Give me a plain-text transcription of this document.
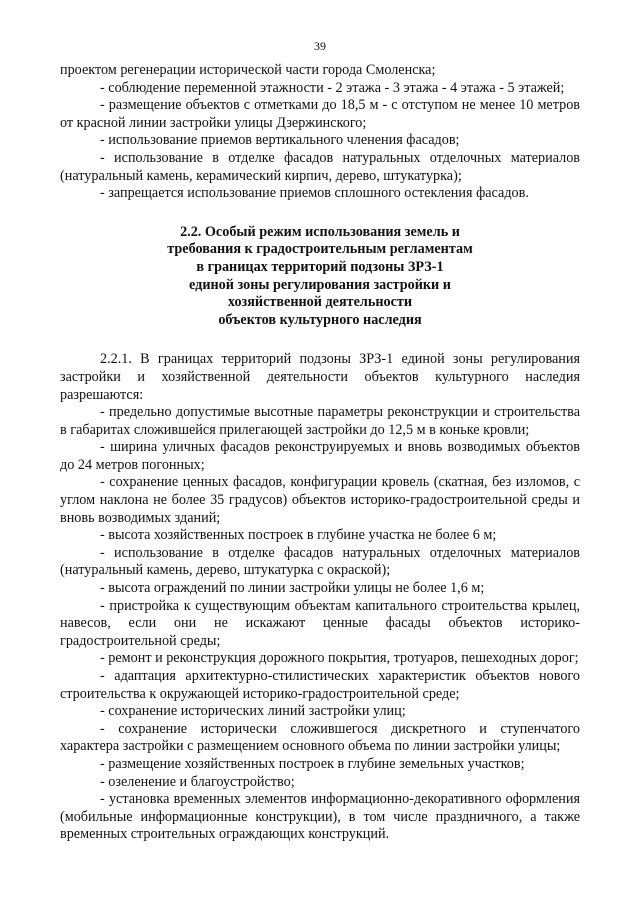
39

проектом регенерации исторической части города Смоленска;

- соблюдение переменной этажности - 2 этажа - 3 этажа - 4 этажа - 5 этажей;

- размещение объектов с отметками до 18,5 м - с отступом не менее 10 метров от красной линии застройки улицы Дзержинского;

- использование приемов вертикального членения фасадов;

- использование в отделке фасадов натуральных отделочных материалов (натуральный камень, керамический кирпич, дерево, штукатурка);

- запрещается использование приемов сплошного остекления фасадов.

2.2. Особый режим использования земель и
требования к градостроительным регламентам
в границах территорий подзоны ЗРЗ-1
единой зоны регулирования застройки и
хозяйственной деятельности
объектов культурного наследия

2.2.1. В границах территорий подзоны ЗРЗ-1 единой зоны регулирования застройки и хозяйственной деятельности объектов культурного наследия разрешаются:

- предельно допустимые высотные параметры реконструкции и строительства в габаритах сложившейся прилегающей застройки до 12,5 м в коньке кровли;

- ширина уличных фасадов реконструируемых и вновь возводимых объектов до 24 метров погонных;

- сохранение ценных фасадов, конфигурации кровель (скатная, без изломов, с углом наклона не более 35 градусов) объектов историко-градостроительной среды и вновь возводимых зданий;

- высота хозяйственных построек в глубине участка не более 6 м;

- использование в отделке фасадов натуральных отделочных материалов (натуральный камень, дерево, штукатурка с окраской);

- высота ограждений по линии застройки улицы не более 1,6 м;

- пристройка к существующим объектам капитального строительства крылец, навесов, если они не искажают ценные фасады объектов историко-градостроительной среды;

- ремонт и реконструкция дорожного покрытия, тротуаров, пешеходных дорог;

- адаптация архитектурно-стилистических характеристик объектов нового строительства к окружающей историко-градостроительной среде;

- сохранение исторических линий застройки улиц;

- сохранение исторически сложившегося дискретного и ступенчатого характера застройки с размещением основного объема по линии застройки улицы;

- размещение хозяйственных построек в глубине земельных участков;

- озеленение и благоустройство;

- установка временных элементов информационно-декоративного оформления (мобильные информационные конструкции), в том числе праздничного, а также временных строительных ограждающих конструкций.
